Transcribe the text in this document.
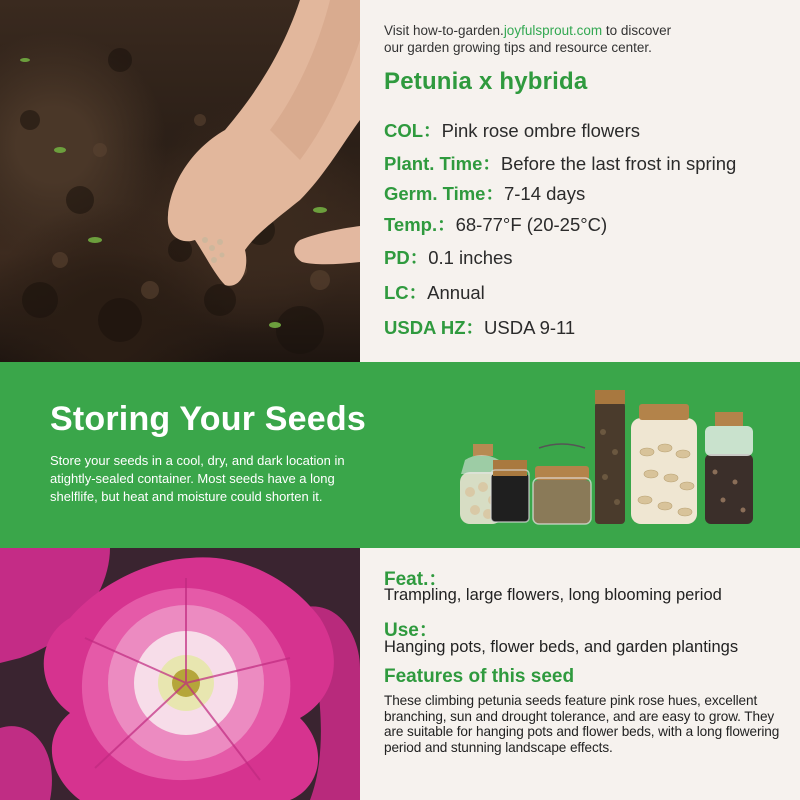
Visit how-to-garden.joyfulsprout.com to discover
our garden growing tips and resource center.
Petunia x hybrida
COL：Pink rose ombre flowers
Plant. Time：Before the last frost in spring
Germ. Time：7-14 days
Temp.：68-77°F (20-25°C)
PD：0.1 inches
LC：Annual
USDA HZ：USDA 9-11
Storing Your Seeds
Store your seeds in a cool, dry, and dark location in atightly-sealed container. Most seeds have a long shelflife, but heat and moisture could shorten it.
Feat.：
Trampling, large flowers, long blooming period
Use：
Hanging pots, flower beds, and garden plantings
Features of this seed
These climbing petunia seeds feature pink rose hues, excellent branching, sun and drought tolerance, and are easy to grow. They are suitable for hanging pots and flower beds, with a long flowering period and stunning landscape effects.
